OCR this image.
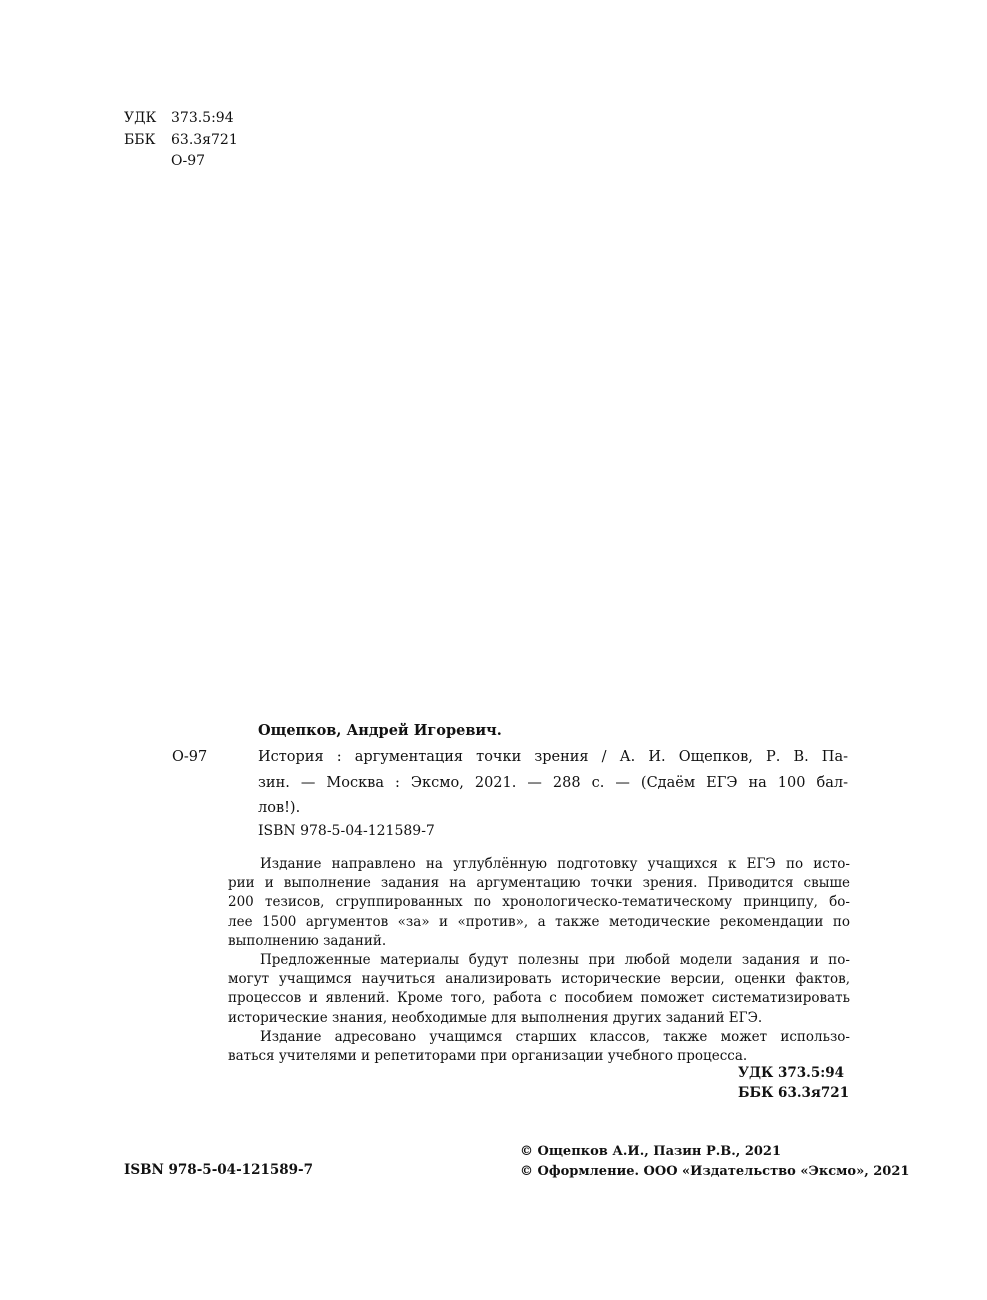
УДК	373.5:94
ББК	63.3я721
О-97
Ощепков, Андрей Игоревич.
О-97	История : аргументация точки зрения / А. И. Ощепков, Р. В. Па-
зин. — Москва : Эксмо, 2021. — 288 с. — (Сдаём ЕГЭ на 100 бал-
лов!).
ISBN 978-5-04-121589-7
Издание направлено на углублённую подготовку учащихся к ЕГЭ по исто-
рии и выполнение задания на аргументацию точки зрения. Приводится свыше
200 тезисов, сгруппированных по хронологическо-тематическому принципу, бо-
лее 1500 аргументов «за» и «против», а также методические рекомендации по
выполнению заданий.
Предложенные материалы будут полезны при любой модели задания и по-
могут учащимся научиться анализировать исторические версии, оценки фактов,
процессов и явлений. Кроме того, работа с пособием поможет систематизировать
исторические знания, необходимые для выполнения других заданий ЕГЭ.
Издание адресовано учащимся старших классов, также может использо-
ваться учителями и репетиторами при организации учебного процесса.
УДК 373.5:94
ББК 63.3я721
© Ощепков А.И., Пазин Р.В., 2021
© Оформление. ООО «Издательство «Эксмо», 2021
ISBN 978-5-04-121589-7
